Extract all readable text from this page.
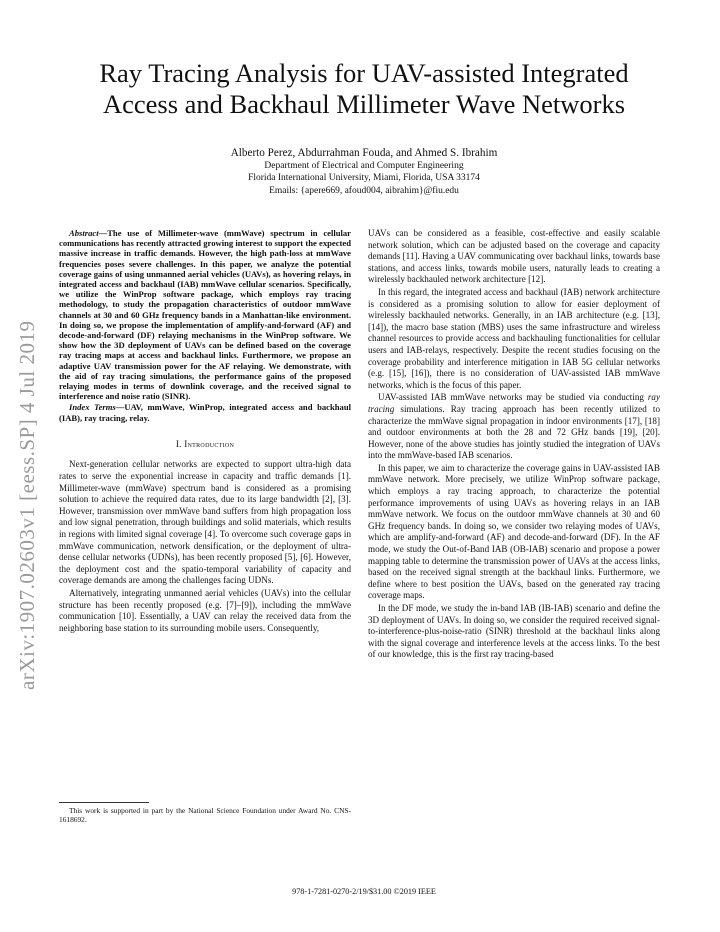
arXiv:1907.02603v1 [eess.SP] 4 Jul 2019
Ray Tracing Analysis for UAV-assisted Integrated Access and Backhaul Millimeter Wave Networks
Alberto Perez, Abdurrahman Fouda, and Ahmed S. Ibrahim
Department of Electrical and Computer Engineering
Florida International University, Miami, Florida, USA 33174
Emails: {apere669, afoud004, aibrahim}@fiu.edu

Abstract—The use of Millimeter-wave (mmWave) spectrum in cellular communications has recently attracted growing interest to support the expected massive increase in traffic demands. However, the high path-loss at mmWave frequencies poses severe challenges. In this paper, we analyze the potential coverage gains of using unmanned aerial vehicles (UAVs), as hovering relays, in integrated access and backhaul (IAB) mmWave cellular scenarios. Specifically, we utilize the WinProp software package, which employs ray tracing methodology, to study the propagation characteristics of outdoor mmWave channels at 30 and 60 GHz frequency bands in a Manhattan-like environment. In doing so, we propose the implementation of amplify-and-forward (AF) and decode-and-forward (DF) relaying mechanisms in the WinProp software. We show how the 3D deployment of UAVs can be defined based on the coverage ray tracing maps at access and backhaul links. Furthermore, we propose an adaptive UAV transmission power for the AF relaying. We demonstrate, with the aid of ray tracing simulations, the performance gains of the proposed relaying modes in terms of downlink coverage, and the received signal to interference and noise ratio (SINR).

Index Terms—UAV, mmWave, WinProp, integrated access and backhaul (IAB), ray tracing, relay.

I. Introduction

Next-generation cellular networks are expected to support ultra-high data rates to serve the exponential increase in capacity and traffic demands [1]. Millimeter-wave (mmWave) spectrum band is considered as a promising solution to achieve the required data rates, due to its large bandwidth [2], [3]. However, transmission over mmWave band suffers from high propagation loss and low signal penetration, through buildings and solid materials, which results in regions with limited signal coverage [4]. To overcome such coverage gaps in mmWave communication, network densification, or the deployment of ultra-dense cellular networks (UDNs), has been recently proposed [5], [6]. However, the deployment cost and the spatio-temporal variability of capacity and coverage demands are among the challenges facing UDNs.

Alternatively, integrating unmanned aerial vehicles (UAVs) into the cellular structure has been recently proposed (e.g. [7]–[9]), including the mmWave communication [10]. Essentially, a UAV can relay the received data from the neighboring base station to its surrounding mobile users. Consequently,

This work is supported in part by the National Science Foundation under Award No. CNS-1618692.

UAVs can be considered as a feasible, cost-effective and easily scalable network solution, which can be adjusted based on the coverage and capacity demands [11]. Having a UAV communicating over backhaul links, towards base stations, and access links, towards mobile users, naturally leads to creating a wirelessly backhauled network architecture [12].

In this regard, the integrated access and backhaul (IAB) network architecture is considered as a promising solution to allow for easier deployment of wirelessly backhauled networks. Generally, in an IAB architecture (e.g. [13], [14]), the macro base station (MBS) uses the same infrastructure and wireless channel resources to provide access and backhauling functionalities for cellular users and IAB-relays, respectively. Despite the recent studies focusing on the coverage probability and interference mitigation in IAB 5G cellular networks (e.g. [15], [16]), there is no consideration of UAV-assisted IAB mmWave networks, which is the focus of this paper.

UAV-assisted IAB mmWave networks may be studied via conducting ray tracing simulations. Ray tracing approach has been recently utilized to characterize the mmWave signal propagation in indoor environments [17], [18] and outdoor environments at both the 28 and 72 GHz bands [19], [20]. However, none of the above studies has jointly studied the integration of UAVs into the mmWave-based IAB scenarios.

In this paper, we aim to characterize the coverage gains in UAV-assisted IAB mmWave network. More precisely, we utilize WinProp software package, which employs a ray tracing approach, to characterize the potential performance improvements of using UAVs as hovering relays in an IAB mmWave network. We focus on the outdoor mmWave channels at 30 and 60 GHz frequency bands. In doing so, we consider two relaying modes of UAVs, which are amplify-and-forward (AF) and decode-and-forward (DF). In the AF mode, we study the Out-of-Band IAB (OB-IAB) scenario and propose a power mapping table to determine the transmission power of UAVs at the access links, based on the received signal strength at the backhaul links. Furthermore, we define where to best position the UAVs, based on the generated ray tracing coverage maps.

In the DF mode, we study the in-band IAB (IB-IAB) scenario and define the 3D deployment of UAVs. In doing so, we consider the required received signal-to-interference-plus-noise-ratio (SINR) threshold at the backhaul links along with the signal coverage and interference levels at the access links. To the best of our knowledge, this is the first ray tracing-based

978-1-7281-0270-2/19/$31.00 ©2019 IEEE
